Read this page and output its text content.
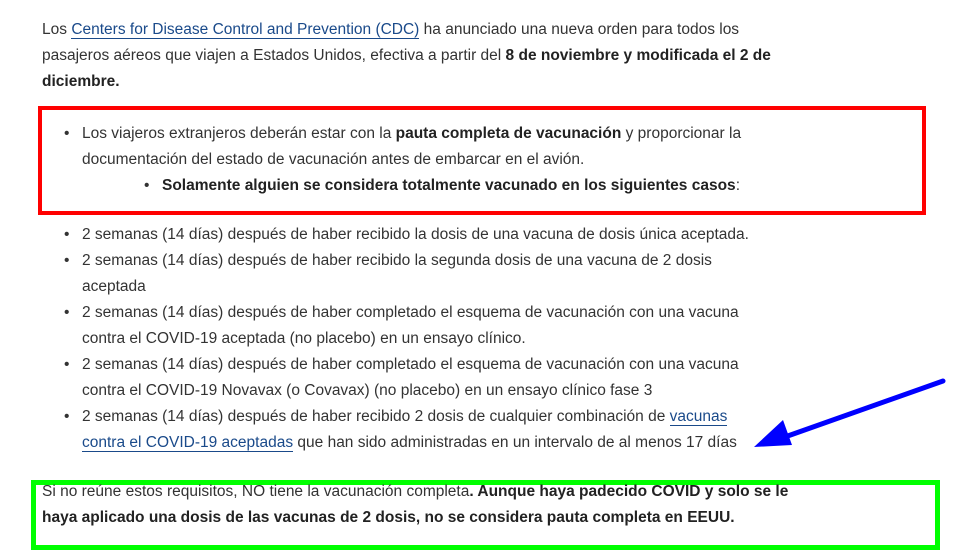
Los Centers for Disease Control and Prevention (CDC) ha anunciado una nueva orden para todos los pasajeros aéreos que viajen a Estados Unidos, efectiva a partir del 8 de noviembre y modificada el 2 de diciembre.

• Los viajeros extranjeros deberán estar con la pauta completa de vacunación y proporcionar la documentación del estado de vacunación antes de embarcar en el avión.
• Solamente alguien se considera totalmente vacunado en los siguientes casos:
• 2 semanas (14 días) después de haber recibido la dosis de una vacuna de dosis única aceptada.
• 2 semanas (14 días) después de haber recibido la segunda dosis de una vacuna de 2 dosis aceptada
• 2 semanas (14 días) después de haber completado el esquema de vacunación con una vacuna contra el COVID-19 aceptada (no placebo) en un ensayo clínico.
• 2 semanas (14 días) después de haber completado el esquema de vacunación con una vacuna contra el COVID-19 Novavax (o Covavax) (no placebo) en un ensayo clínico fase 3
• 2 semanas (14 días) después de haber recibido 2 dosis de cualquier combinación de vacunas contra el COVID-19 aceptadas que han sido administradas en un intervalo de al menos 17 días

Si no reúne estos requisitos, NO tiene la vacunación completa. Aunque haya padecido COVID y solo se le haya aplicado una dosis de las vacunas de 2 dosis, no se considera pauta completa en EEUU.
